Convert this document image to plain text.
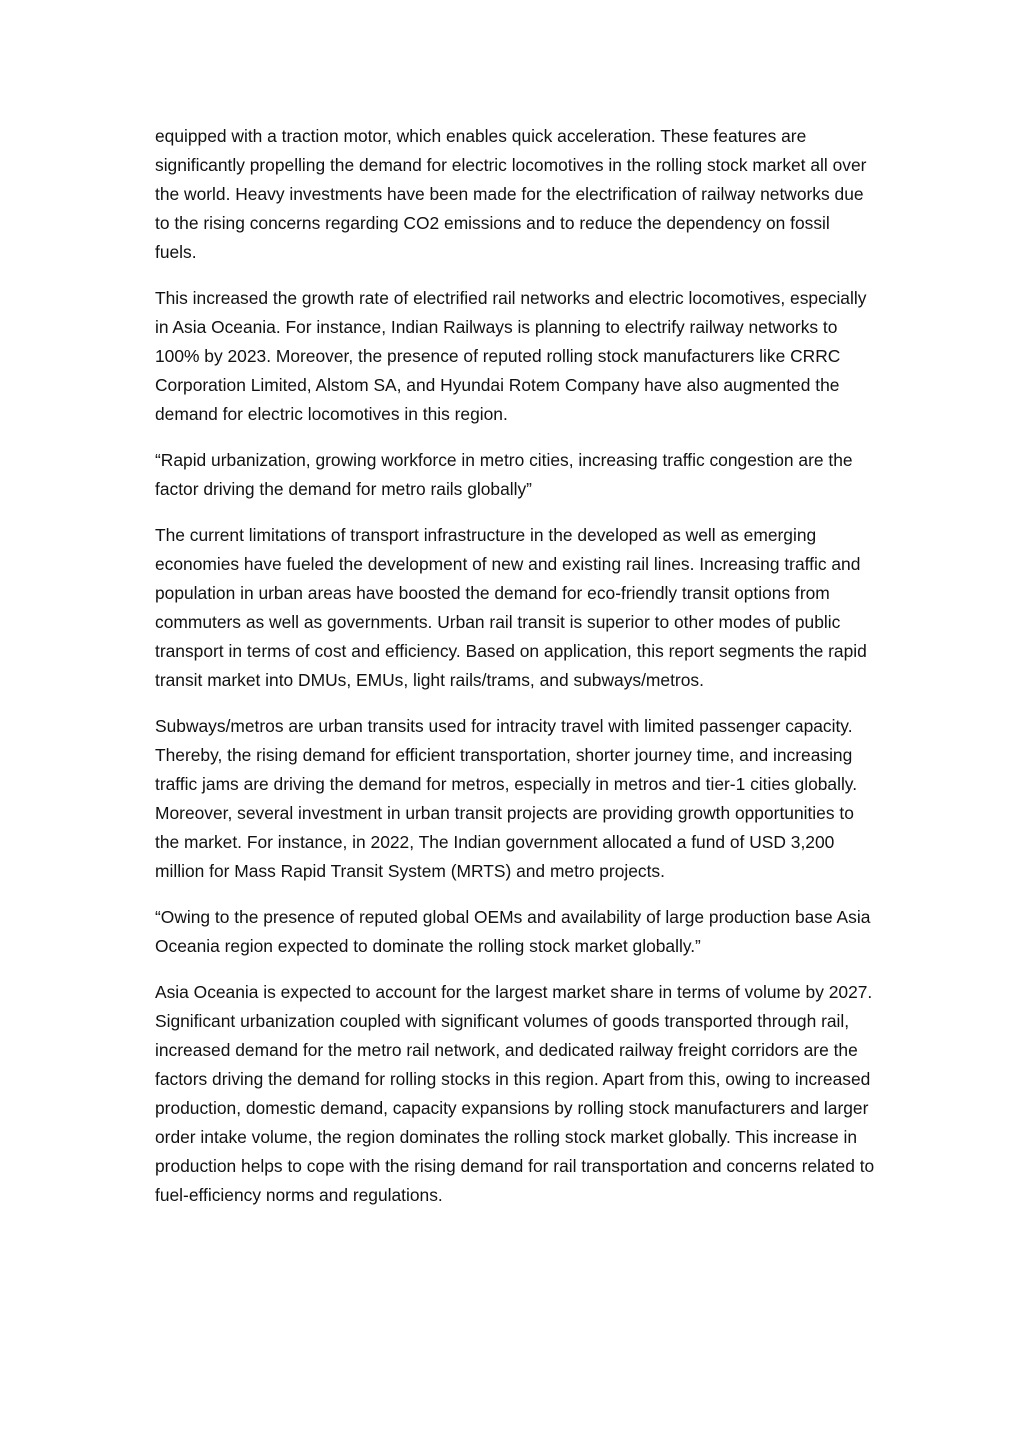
equipped with a traction motor, which enables quick acceleration. These features are significantly propelling the demand for electric locomotives in the rolling stock market all over the world. Heavy investments have been made for the electrification of railway networks due to the rising concerns regarding CO2 emissions and to reduce the dependency on fossil fuels.

This increased the growth rate of electrified rail networks and electric locomotives, especially in Asia Oceania. For instance, Indian Railways is planning to electrify railway networks to 100% by 2023. Moreover, the presence of reputed rolling stock manufacturers like CRRC Corporation Limited, Alstom SA, and Hyundai Rotem Company have also augmented the demand for electric locomotives in this region.

“Rapid urbanization, growing workforce in metro cities, increasing traffic congestion are the factor driving the demand for metro rails globally”

The current limitations of transport infrastructure in the developed as well as emerging economies have fueled the development of new and existing rail lines. Increasing traffic and population in urban areas have boosted the demand for eco-friendly transit options from commuters as well as governments. Urban rail transit is superior to other modes of public transport in terms of cost and efficiency. Based on application, this report segments the rapid transit market into DMUs, EMUs, light rails/trams, and subways/metros.

Subways/metros are urban transits used for intracity travel with limited passenger capacity. Thereby, the rising demand for efficient transportation, shorter journey time, and increasing traffic jams are driving the demand for metros, especially in metros and tier-1 cities globally. Moreover, several investment in urban transit projects are providing growth opportunities to the market. For instance, in 2022, The Indian government allocated a fund of USD 3,200 million for Mass Rapid Transit System (MRTS) and metro projects.

“Owing to the presence of reputed global OEMs and availability of large production base Asia Oceania region expected to dominate the rolling stock market globally.”

Asia Oceania is expected to account for the largest market share in terms of volume by 2027. Significant urbanization coupled with significant volumes of goods transported through rail, increased demand for the metro rail network, and dedicated railway freight corridors are the factors driving the demand for rolling stocks in this region. Apart from this, owing to increased production, domestic demand, capacity expansions by rolling stock manufacturers and larger order intake volume, the region dominates the rolling stock market globally. This increase in production helps to cope with the rising demand for rail transportation and concerns related to fuel-efficiency norms and regulations.
